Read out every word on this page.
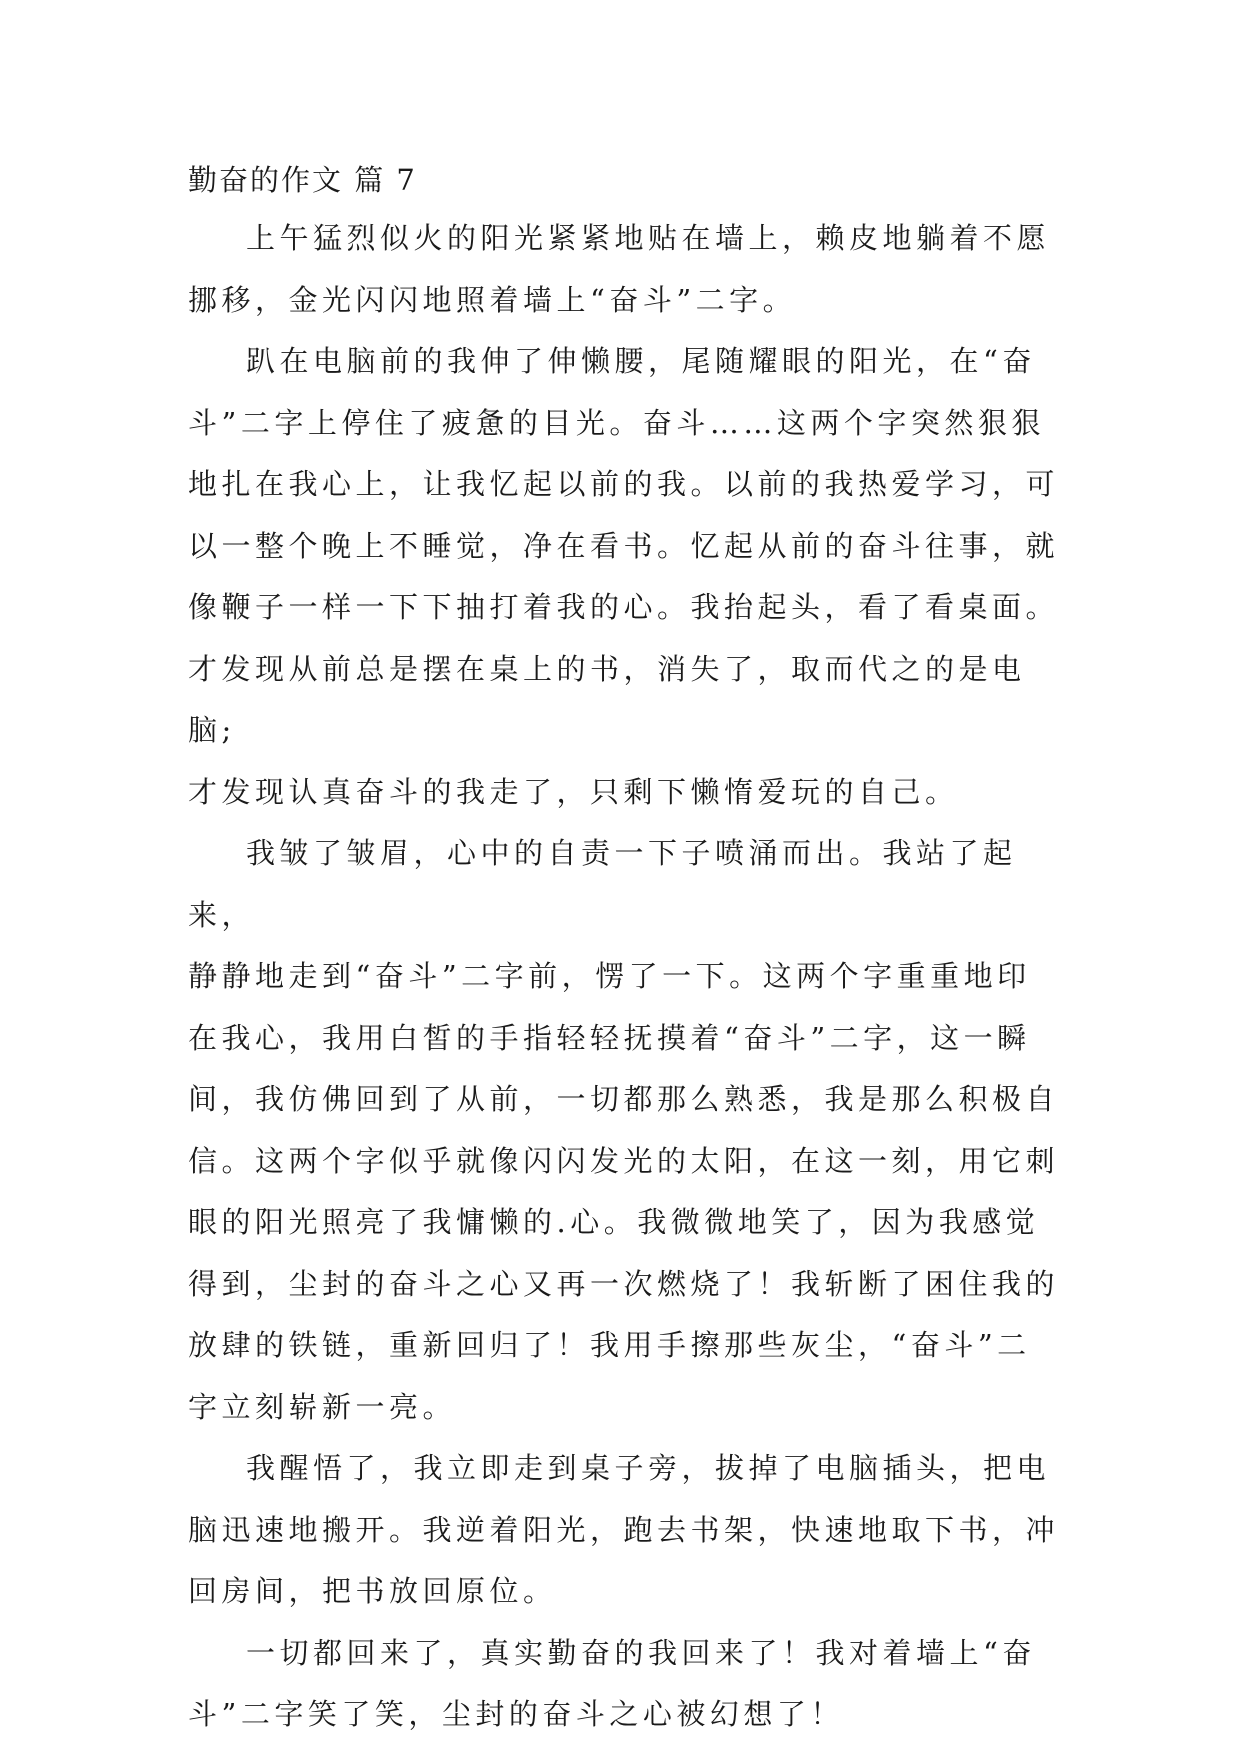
勤奋的作文 篇 7

上午猛烈似火的阳光紧紧地贴在墙上，赖皮地躺着不愿
挪移，金光闪闪地照着墙上“奋斗”二字。

趴在电脑前的我伸了伸懒腰，尾随耀眼的阳光，在“奋
斗”二字上停住了疲惫的目光。奋斗……这两个字突然狠狠
地扎在我心上，让我忆起以前的我。以前的我热爱学习，可
以一整个晚上不睡觉，净在看书。忆起从前的奋斗往事，就
像鞭子一样一下下抽打着我的心。我抬起头，看了看桌面。
才发现从前总是摆在桌上的书，消失了，取而代之的是电脑;
才发现认真奋斗的我走了，只剩下懒惰爱玩的自己。

我皱了皱眉，心中的自责一下子喷涌而出。我站了起来，
静静地走到“奋斗”二字前，愣了一下。这两个字重重地印
在我心，我用白皙的手指轻轻抚摸着“奋斗”二字，这一瞬
间，我仿佛回到了从前，一切都那么熟悉，我是那么积极自
信。这两个字似乎就像闪闪发光的太阳，在这一刻，用它刺
眼的阳光照亮了我慵懒的.心。我微微地笑了，因为我感觉
得到，尘封的奋斗之心又再一次燃烧了！我斩断了困住我的
放肆的铁链，重新回归了！我用手擦那些灰尘，“奋斗”二
字立刻崭新一亮。

我醒悟了，我立即走到桌子旁，拔掉了电脑插头，把电
脑迅速地搬开。我逆着阳光，跑去书架，快速地取下书，冲
回房间，把书放回原位。

一切都回来了，真实勤奋的我回来了！我对着墙上“奋
斗”二字笑了笑，尘封的奋斗之心被幻想了！
